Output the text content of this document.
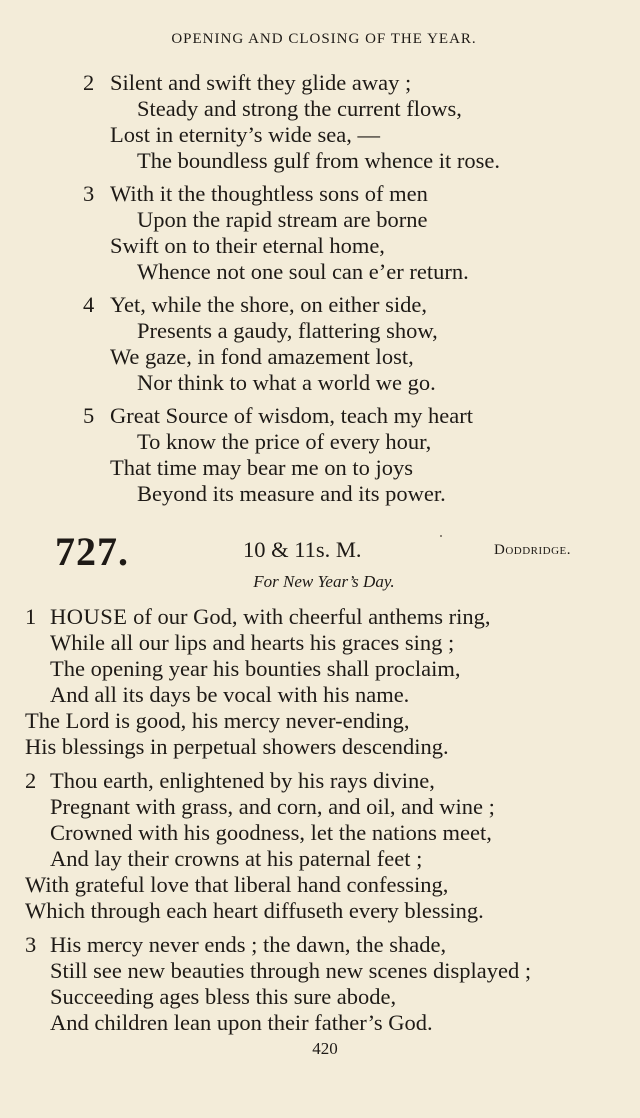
OPENING AND CLOSING OF THE YEAR.
2 Silent and swift they glide away ;
Steady and strong the current flows,
Lost in eternity’s wide sea, —
The boundless gulf from whence it rose.
3 With it the thoughtless sons of men
Upon the rapid stream are borne
Swift on to their eternal home,
Whence not one soul can e’er return.
4 Yet, while the shore, on either side,
Presents a gaudy, flattering show,
We gaze, in fond amazement lost,
Nor think to what a world we go.
5 Great Source of wisdom, teach my heart
To know the price of every hour,
That time may bear me on to joys
Beyond its measure and its power.
727.	10 & 11s. M.	Doddridge.
For New Year’s Day.
1 HOUSE of our God, with cheerful anthems ring,
While all our lips and hearts his graces sing ;
The opening year his bounties shall proclaim,
And all its days be vocal with his name.
The Lord is good, his mercy never-ending,
His blessings in perpetual showers descending.
2 Thou earth, enlightened by his rays divine,
Pregnant with grass, and corn, and oil, and wine ;
Crowned with his goodness, let the nations meet,
And lay their crowns at his paternal feet ;
With grateful love that liberal hand confessing,
Which through each heart diffuseth every blessing.
3 His mercy never ends ; the dawn, the shade,
Still see new beauties through new scenes displayed ;
Succeeding ages bless this sure abode,
And children lean upon their father’s God.
420
